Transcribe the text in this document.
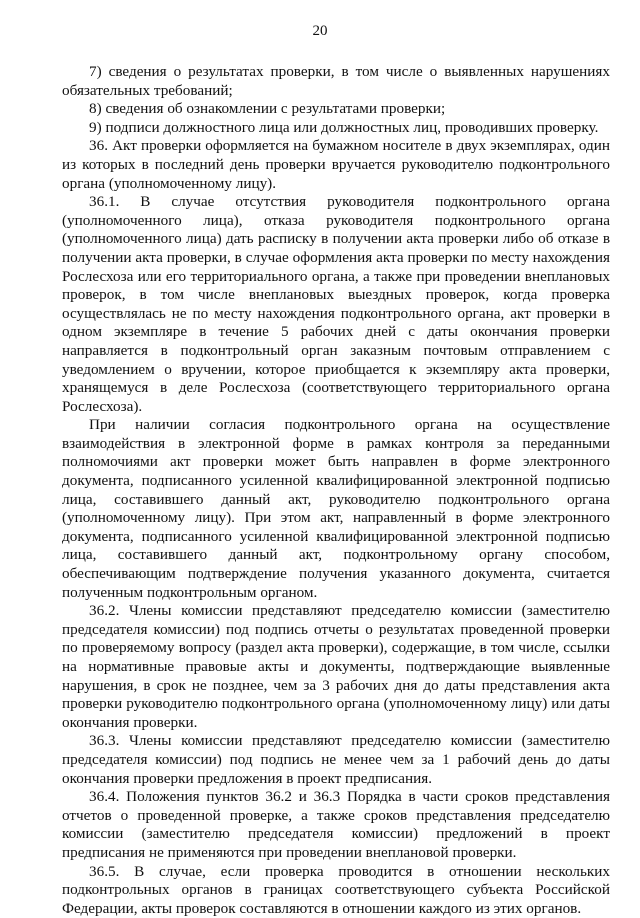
20

7) сведения о результатах проверки, в том числе о выявленных нарушениях обязательных требований;

8) сведения об ознакомлении с результатами проверки;

9) подписи должностного лица или должностных лиц, проводивших проверку.

36. Акт проверки оформляется на бумажном носителе в двух экземплярах, один из которых в последний день проверки вручается руководителю подконтрольного органа (уполномоченному лицу).

36.1. В случае отсутствия руководителя подконтрольного органа (уполномоченного лица), отказа руководителя подконтрольного органа (уполномоченного лица) дать расписку в получении акта проверки либо об отказе в получении акта проверки, в случае оформления акта проверки по месту нахождения Рослесхоза или его территориального органа, а также при проведении внеплановых проверок, в том числе внеплановых выездных проверок, когда проверка осуществлялась не по месту нахождения подконтрольного органа, акт проверки в одном экземпляре в течение 5 рабочих дней с даты окончания проверки направляется в подконтрольный орган заказным почтовым отправлением с уведомлением о вручении, которое приобщается к экземпляру акта проверки, хранящемуся в деле Рослесхоза (соответствующего территориального органа Рослесхоза).

При наличии согласия подконтрольного органа на осуществление взаимодействия в электронной форме в рамках контроля за переданными полномочиями акт проверки может быть направлен в форме электронного документа, подписанного усиленной квалифицированной электронной подписью лица, составившего данный акт, руководителю подконтрольного органа (уполномоченному лицу). При этом акт, направленный в форме электронного документа, подписанного усиленной квалифицированной электронной подписью лица, составившего данный акт, подконтрольному органу способом, обеспечивающим подтверждение получения указанного документа, считается полученным подконтрольным органом.

36.2. Члены комиссии представляют председателю комиссии (заместителю председателя комиссии) под подпись отчеты о результатах проведенной проверки по проверяемому вопросу (раздел акта проверки), содержащие, в том числе, ссылки на нормативные правовые акты и документы, подтверждающие выявленные нарушения, в срок не позднее, чем за 3 рабочих дня до даты представления акта проверки руководителю подконтрольного органа (уполномоченному лицу) или даты окончания проверки.

36.3. Члены комиссии представляют председателю комиссии (заместителю председателя комиссии) под подпись не менее чем за 1 рабочий день до даты окончания проверки предложения в проект предписания.

36.4. Положения пунктов 36.2 и 36.3 Порядка в части сроков представления отчетов о проведенной проверке, а также сроков представления председателю комиссии (заместителю председателя комиссии) предложений в проект предписания не применяются при проведении внеплановой проверки.

36.5. В случае, если проверка проводится в отношении нескольких подконтрольных органов в границах соответствующего субъекта Российской Федерации, акты проверок составляются в отношении каждого из этих органов.
